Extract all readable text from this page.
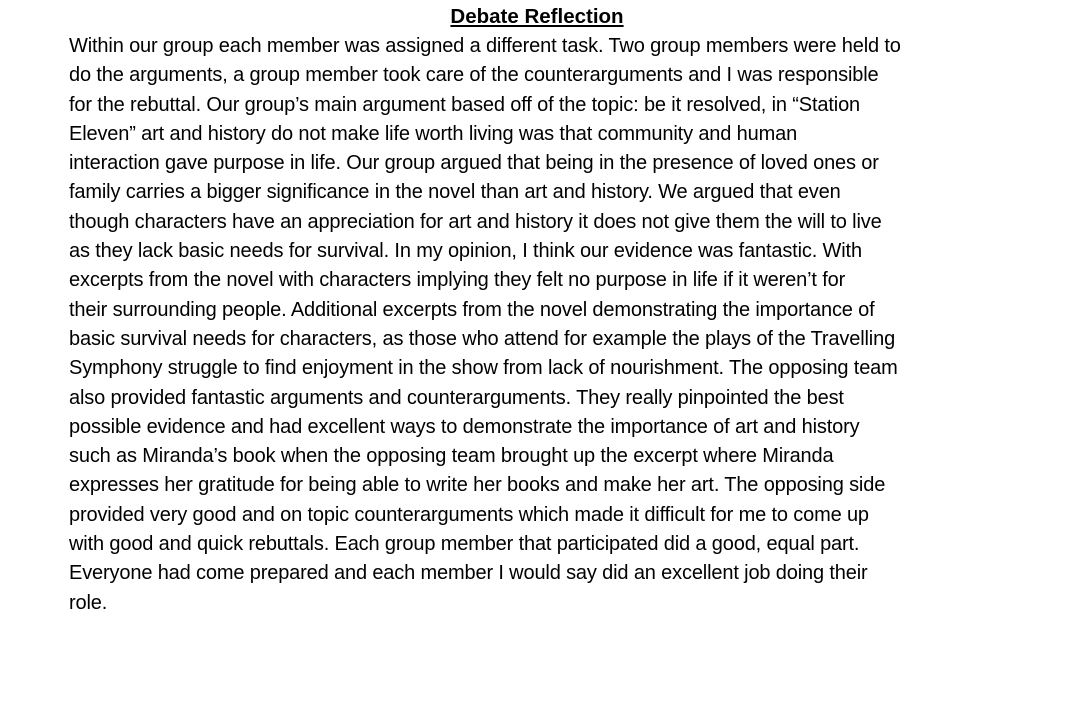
Debate Reflection
Within our group each member was assigned a different task. Two group members were held to
do the arguments, a group member took care of the counterarguments and I was responsible
for the rebuttal. Our group’s main argument based off of the topic: be it resolved, in “Station
Eleven” art and history do not make life worth living was that community and human
interaction gave purpose in life. Our group argued that being in the presence of loved ones or
family carries a bigger significance in the novel than art and history. We argued that even
though characters have an appreciation for art and history it does not give them the will to live
as they lack basic needs for survival. In my opinion, I think our evidence was fantastic. With
excerpts from the novel with characters implying they felt no purpose in life if it weren’t for
their surrounding people. Additional excerpts from the novel demonstrating the importance of
basic survival needs for characters, as those who attend for example the plays of the Travelling
Symphony struggle to find enjoyment in the show from lack of nourishment. The opposing team
also provided fantastic arguments and counterarguments. They really pinpointed the best
possible evidence and had excellent ways to demonstrate the importance of art and history
such as Miranda’s book when the opposing team brought up the excerpt where Miranda
expresses her gratitude for being able to write her books and make her art. The opposing side
provided very good and on topic counterarguments which made it difficult for me to come up
with good and quick rebuttals. Each group member that participated did a good, equal part.
Everyone had come prepared and each member I would say did an excellent job doing their
role.
